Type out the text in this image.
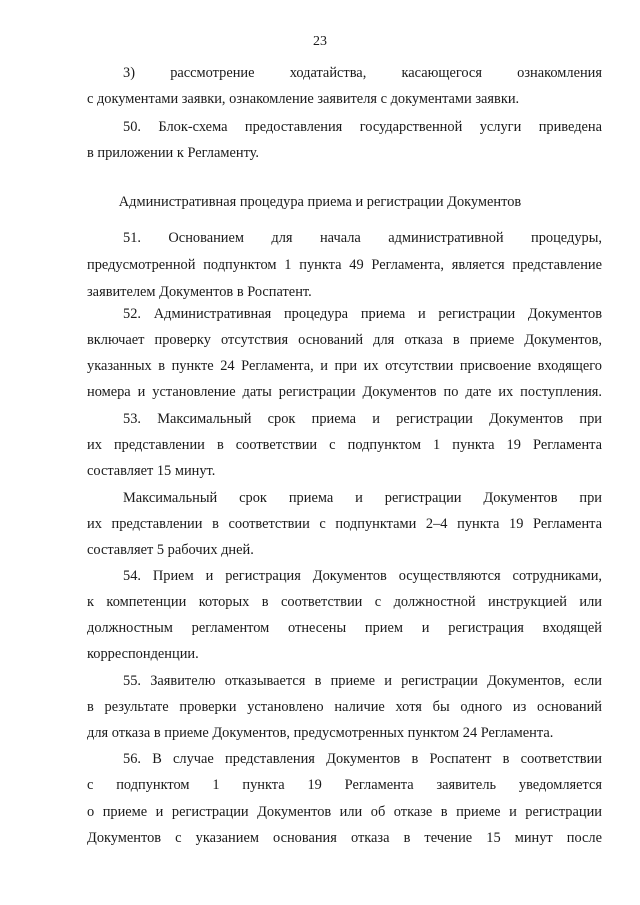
23
3) рассмотрение ходатайства, касающегося ознакомления
с документами заявки, ознакомление заявителя с документами заявки.
50. Блок-схема предоставления государственной услуги приведена
в приложении к Регламенту.
Административная процедура приема и регистрации Документов
51. Основанием для начала административной процедуры,
предусмотренной подпунктом 1 пункта 49 Регламента, является представление
заявителем Документов в Роспатент.
52. Административная процедура приема и регистрации Документов
включает проверку отсутствия оснований для отказа в приеме Документов,
указанных в пункте 24 Регламента, и при их отсутствии присвоение входящего
номера и установление даты регистрации Документов по дате их поступления.
53. Максимальный срок приема и регистрации Документов при
их представлении в соответствии с подпунктом 1 пункта 19 Регламента
составляет 15 минут.
Максимальный срок приема и регистрации Документов при
их представлении в соответствии с подпунктами 2–4 пункта 19 Регламента
составляет 5 рабочих дней.
54. Прием и регистрация Документов осуществляются сотрудниками,
к компетенции которых в соответствии с должностной инструкцией или
должностным регламентом отнесены прием и регистрация входящей
корреспонденции.
55. Заявителю отказывается в приеме и регистрации Документов, если
в результате проверки установлено наличие хотя бы одного из оснований
для отказа в приеме Документов, предусмотренных пунктом 24 Регламента.
56. В случае представления Документов в Роспатент в соответствии
с подпунктом 1 пункта 19 Регламента заявитель уведомляется
о приеме и регистрации Документов или об отказе в приеме и регистрации
Документов с указанием основания отказа в течение 15 минут после
